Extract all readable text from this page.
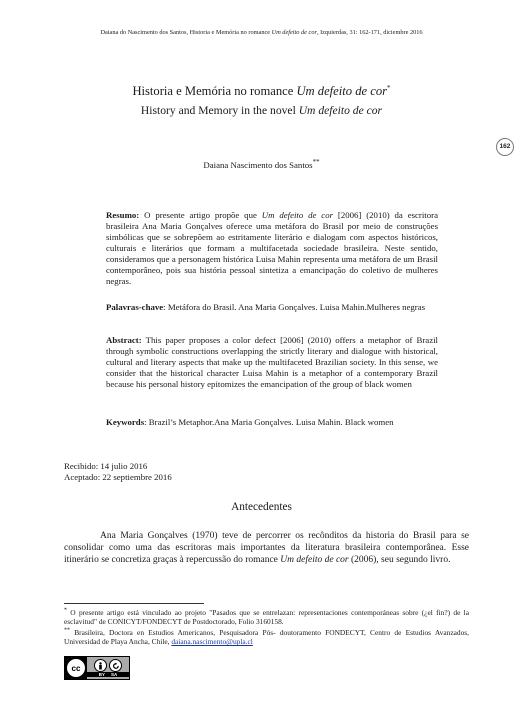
Daiana do Nascimento dos Santos, Historia e Memória no romance Um defeito de cor, Izquierdas, 31: 162-171, diciembre 2016
Historia e Memória no romance Um defeito de cor*
History and Memory in the novel Um defeito de cor
162
Daiana Nascimento dos Santos**
Resumo: O presente artigo propõe que Um defeito de cor [2006] (2010) da escritora brasileira Ana Maria Gonçalves oferece uma metáfora do Brasil por meio de construções simbólicas que se sobrepõem ao estritamente literário e dialogam com aspectos históricos, culturais e literários que formam a multifacetada sociedade brasileira. Neste sentido, consideramos que a personagem histórica Luisa Mahin representa uma metáfora de um Brasil contemporâneo, pois sua história pessoal sintetiza a emancipação do coletivo de mulheres negras.
Palavras-chave: Metáfora do Brasil. Ana Maria Gonçalves. Luisa Mahin.Mulheres negras
Abstract: This paper proposes a color defect [2006] (2010) offers a metaphor of Brazil through symbolic constructions overlapping the strictly literary and dialogue with historical, cultural and literary aspects that make up the multifaceted Brazilian society. In this sense, we consider that the historical character Luisa Mahin is a metaphor of a contemporary Brazil because his personal history epitomizes the emancipation of the group of black women
Keywords: Brazil’s Metaphor.Ana Maria Gonçalves. Luisa Mahin. Black women
Recibido: 14 julio 2016
Aceptado: 22 septiembre 2016
Antecedentes
Ana Maria Gonçalves (1970) teve de percorrer os recônditos da historia do Brasil para se consolidar como uma das escritoras mais importantes da literatura brasileira contemporânea. Esse itinerário se concretiza graças à repercussão do romance Um defeito de cor (2006), seu segundo livro.
* O presente artigo está vinculado ao projeto "Pasados que se entrelazan: representaciones contemporáneas sobre (¿el fin?) de la esclavitud" de CONICYT/FONDECYT de Postdoctorado, Folio 3160158.
** Brasileira, Doctora en Estudios Americanos, Pesquisadora Pós- doutoramento FONDECYT, Centro de Estudios Avanzados, Universidad de Playa Ancha, Chile, daiana.nascimento@upla.cl
cc
BY SA
